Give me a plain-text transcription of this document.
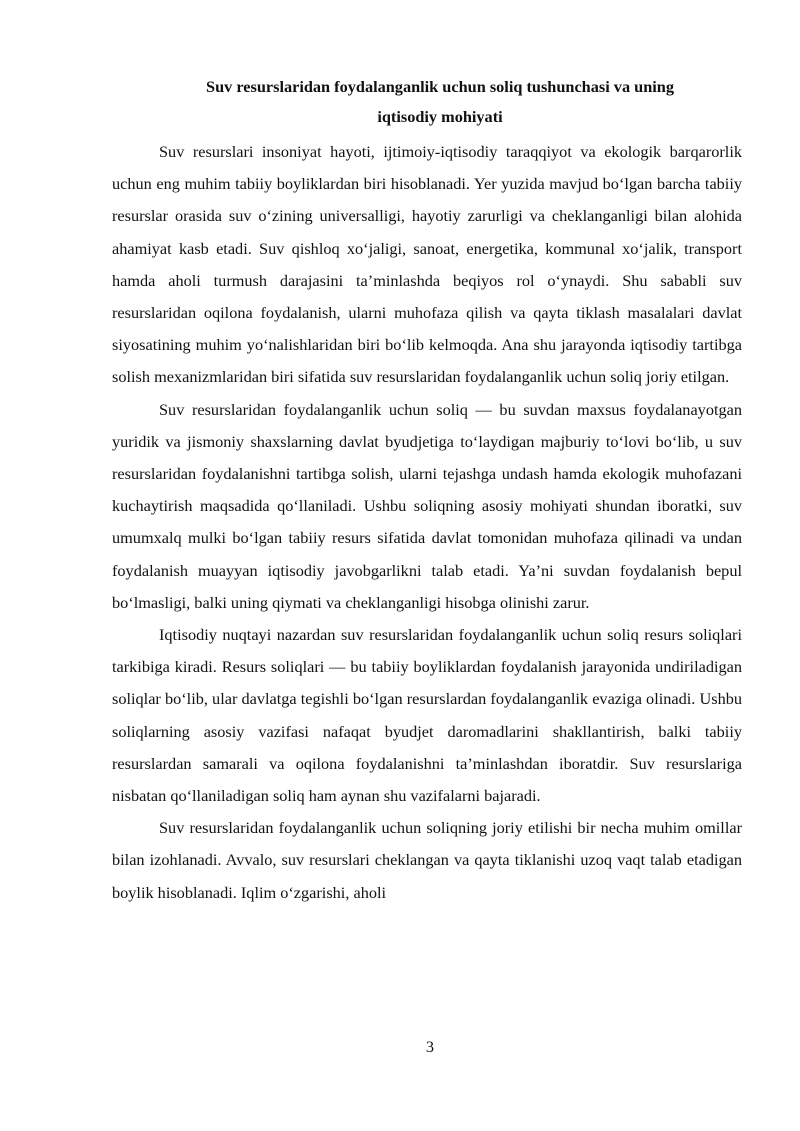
Suv resurslaridan foydalanganlik uchun soliq tushunchasi va uning
iqtisodiy mohiyati

Suv resurslari insoniyat hayoti, ijtimoiy-iqtisodiy taraqqiyot va ekologik barqarorlik uchun eng muhim tabiiy boyliklardan biri hisoblanadi. Yer yuzida mavjud boʻlgan barcha tabiiy resurslar orasida suv oʻzining universalligi, hayotiy zarurligi va cheklanganligi bilan alohida ahamiyat kasb etadi. Suv qishloq xoʻjaligi, sanoat, energetika, kommunal xoʻjalik, transport hamda aholi turmush darajasini taʼminlashda beqiyos rol oʻynaydi. Shu sababli suv resurslaridan oqilona foydalanish, ularni muhofaza qilish va qayta tiklash masalalari davlat siyosatining muhim yoʻnalishlaridan biri boʻlib kelmoqda. Ana shu jarayonda iqtisodiy tartibga solish mexanizmlaridan biri sifatida suv resurslaridan foydalanganlik uchun soliq joriy etilgan.

Suv resurslaridan foydalanganlik uchun soliq — bu suvdan maxsus foydalanayotgan yuridik va jismoniy shaxslarning davlat byudjetiga toʻlaydigan majburiy toʻlovi boʻlib, u suv resurslaridan foydalanishni tartibga solish, ularni tejashga undash hamda ekologik muhofazani kuchaytirish maqsadida qoʻllaniladi. Ushbu soliqning asosiy mohiyati shundan iboratki, suv umumxalq mulki boʻlgan tabiiy resurs sifatida davlat tomonidan muhofaza qilinadi va undan foydalanish muayyan iqtisodiy javobgarlikni talab etadi. Yaʼni suvdan foydalanish bepul boʻlmasligi, balki uning qiymati va cheklanganligi hisobga olinishi zarur.

Iqtisodiy nuqtayi nazardan suv resurslaridan foydalanganlik uchun soliq resurs soliqlari tarkibiga kiradi. Resurs soliqlari — bu tabiiy boyliklardan foydalanish jarayonida undiriladigan soliqlar boʻlib, ular davlatga tegishli boʻlgan resurslardan foydalanganlik evaziga olinadi. Ushbu soliqlarning asosiy vazifasi nafaqat byudjet daromadlarini shakllantirish, balki tabiiy resurslardan samarali va oqilona foydalanishni taʼminlashdan iboratdir. Suv resurslariga nisbatan qoʻllaniladigan soliq ham aynan shu vazifalarni bajaradi.

Suv resurslaridan foydalanganlik uchun soliqning joriy etilishi bir necha muhim omillar bilan izohlanadi. Avvalo, suv resurslari cheklangan va qayta tiklanishi uzoq vaqt talab etadigan boylik hisoblanadi. Iqlim oʻzgarishi, aholi

3
